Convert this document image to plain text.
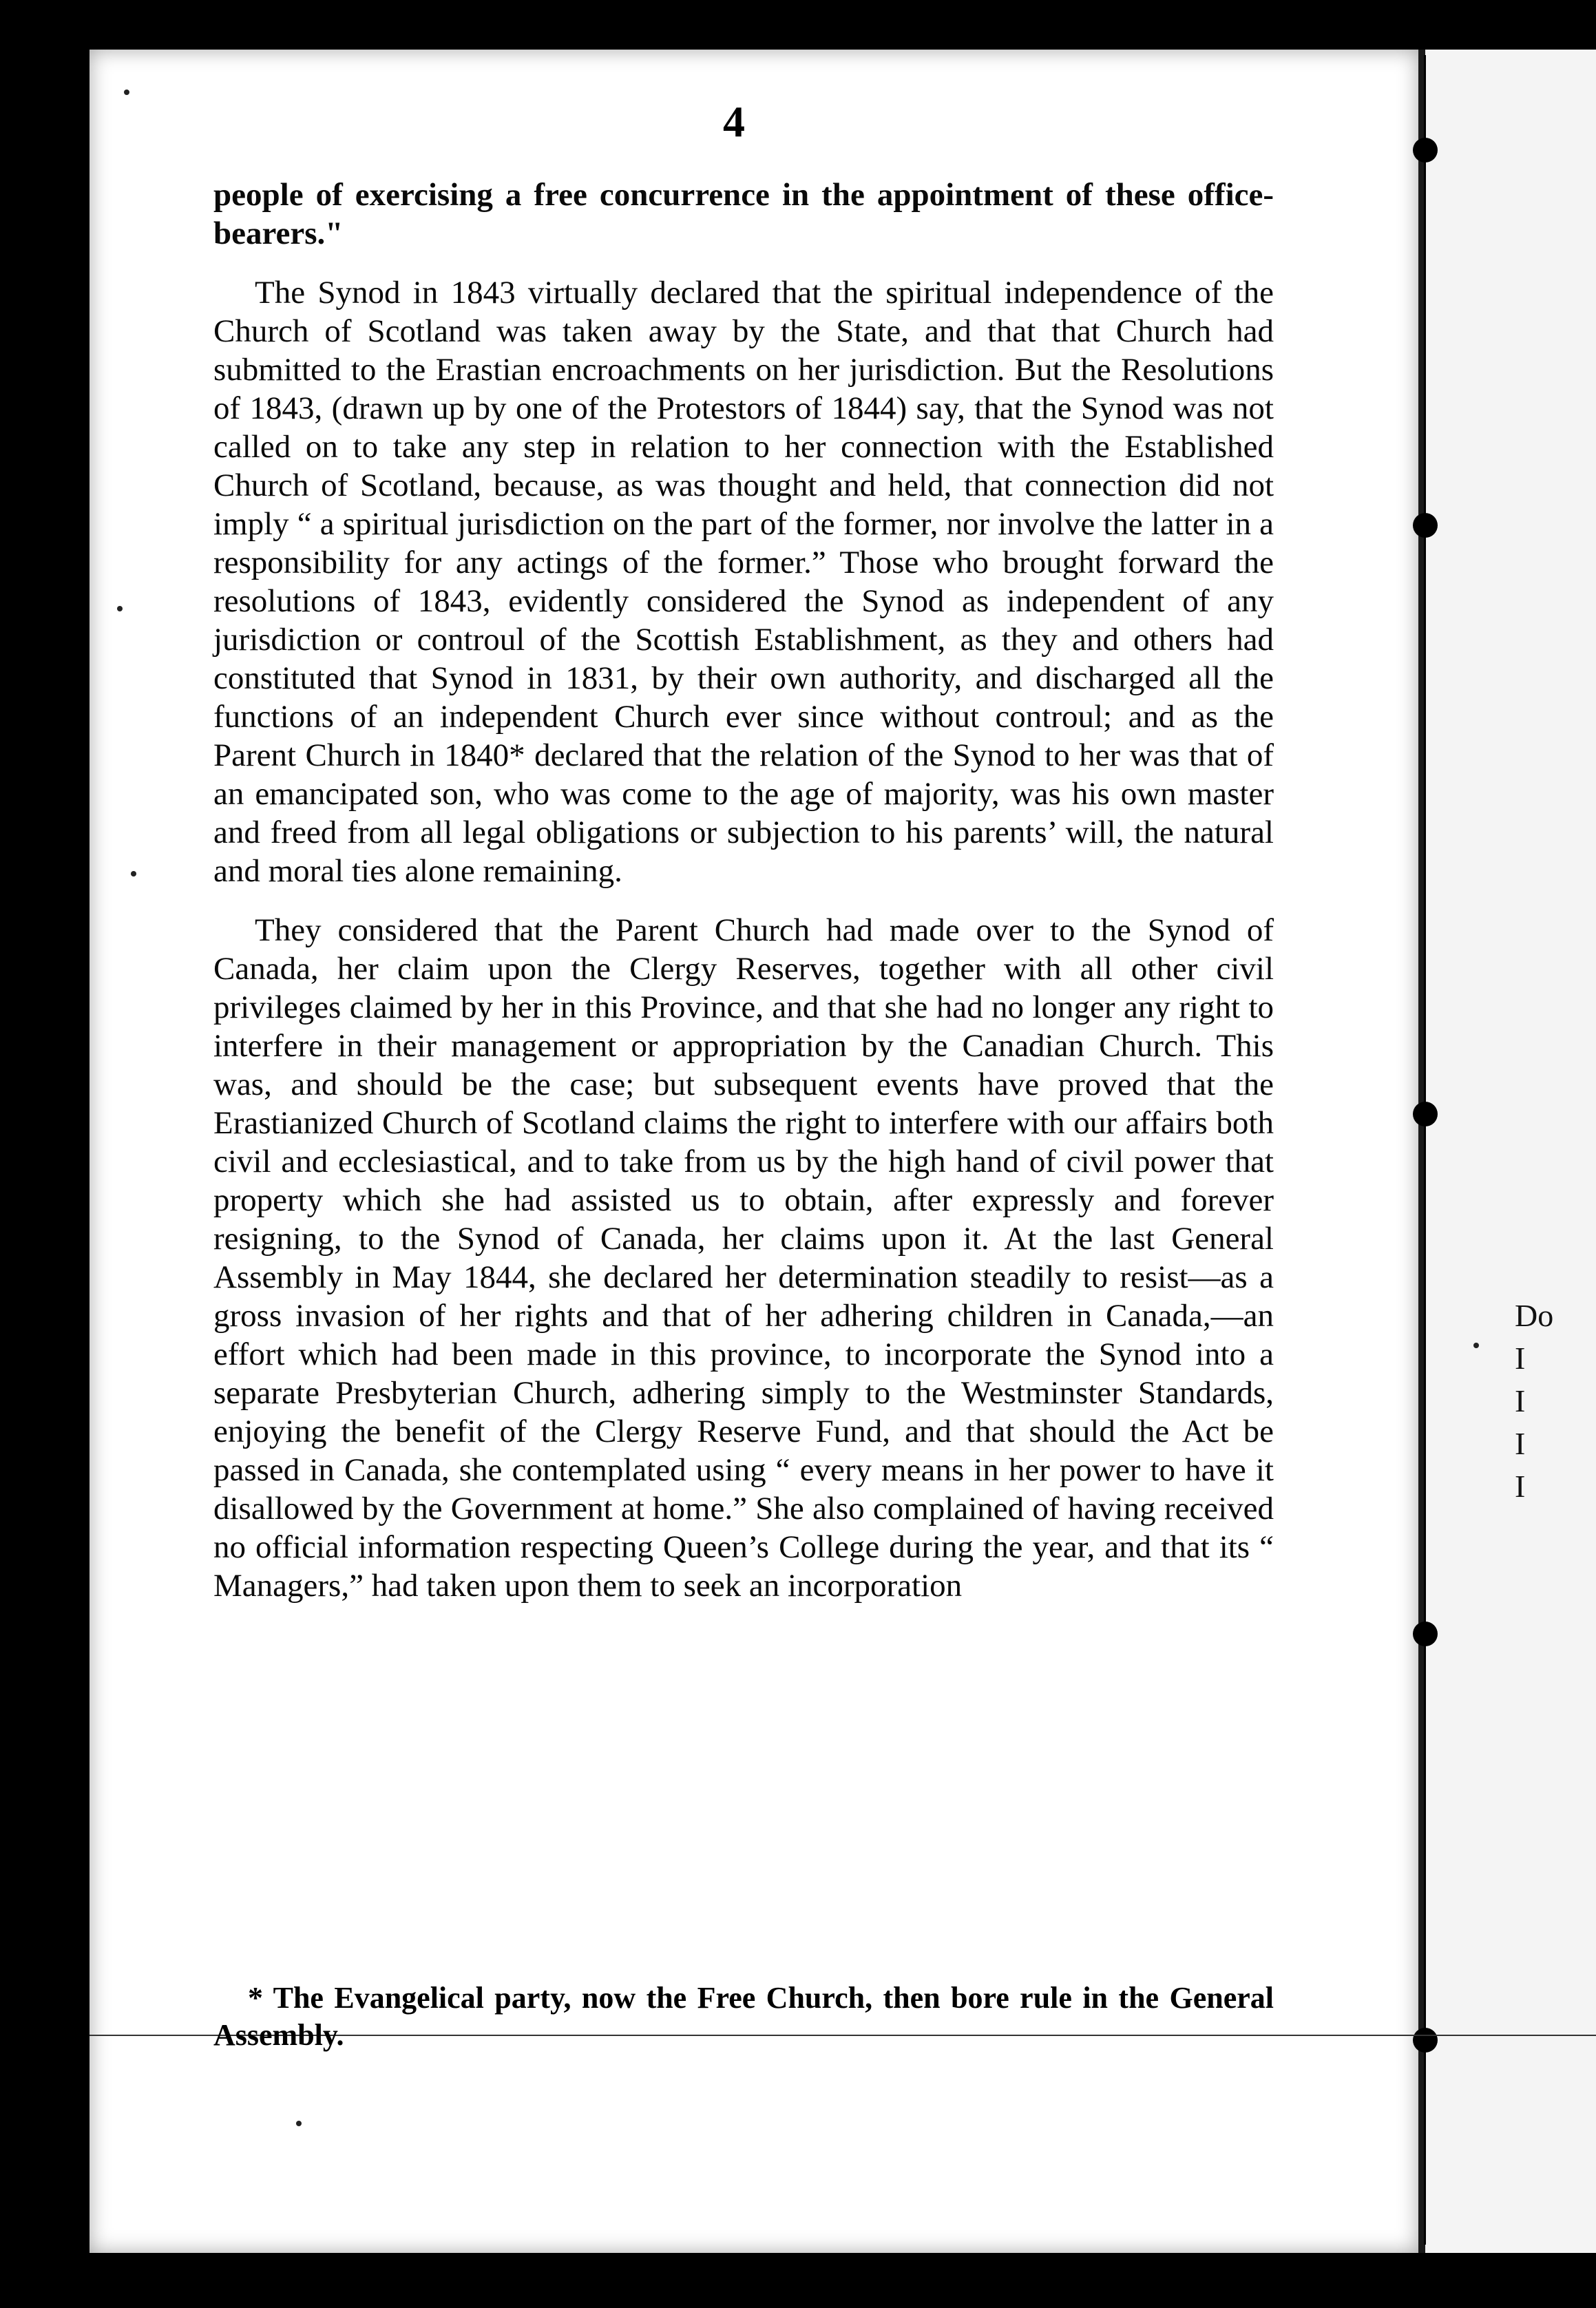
4

people of exercising a free concurrence in the appointment of these office-bearers."

The Synod in 1843 virtually declared that the spiritual independence of the Church of Scotland was taken away by the State, and that that Church had submitted to the Erastian encroachments on her jurisdiction. But the Resolutions of 1843, (drawn up by one of the Protestors of 1844) say, that the Synod was not called on to take any step in relation to her connection with the Established Church of Scotland, because, as was thought and held, that connection did not imply “ a spiritual jurisdiction on the part of the former, nor involve the latter in a responsibility for any actings of the former.” Those who brought forward the resolutions of 1843, evidently considered the Synod as independent of any jurisdiction or controul of the Scottish Establishment, as they and others had constituted that Synod in 1831, by their own authority, and discharged all the functions of an independent Church ever since without controul; and as the Parent Church in 1840* declared that the relation of the Synod to her was that of an emancipated son, who was come to the age of majority, was his own master and freed from all legal obligations or subjection to his parents’ will, the natural and moral ties alone remaining.

They considered that the Parent Church had made over to the Synod of Canada, her claim upon the Clergy Reserves, together with all other civil privileges claimed by her in this Province, and that she had no longer any right to interfere in their management or appropriation by the Canadian Church. This was, and should be the case; but subsequent events have proved that the Erastianized Church of Scotland claims the right to interfere with our affairs both civil and ecclesiastical, and to take from us by the high hand of civil power that property which she had assisted us to obtain, after expressly and forever resigning, to the Synod of Canada, her claims upon it. At the last General Assembly in May 1844, she declared her determination steadily to resist—as a gross invasion of her rights and that of her adhering children in Canada,—an effort which had been made in this province, to incorporate the Synod into a separate Presbyterian Church, adhering simply to the Westminster Standards, enjoying the benefit of the Clergy Reserve Fund, and that should the Act be passed in Canada, she contemplated using “ every means in her power to have it disallowed by the Government at home.” She also complained of having received no official information respecting Queen’s College during the year, and that its “ Managers,” had taken upon them to seek an incorporation

* The Evangelical party, now the Free Church, then bore rule in the General Assembly.
Do
I
I
I
I
